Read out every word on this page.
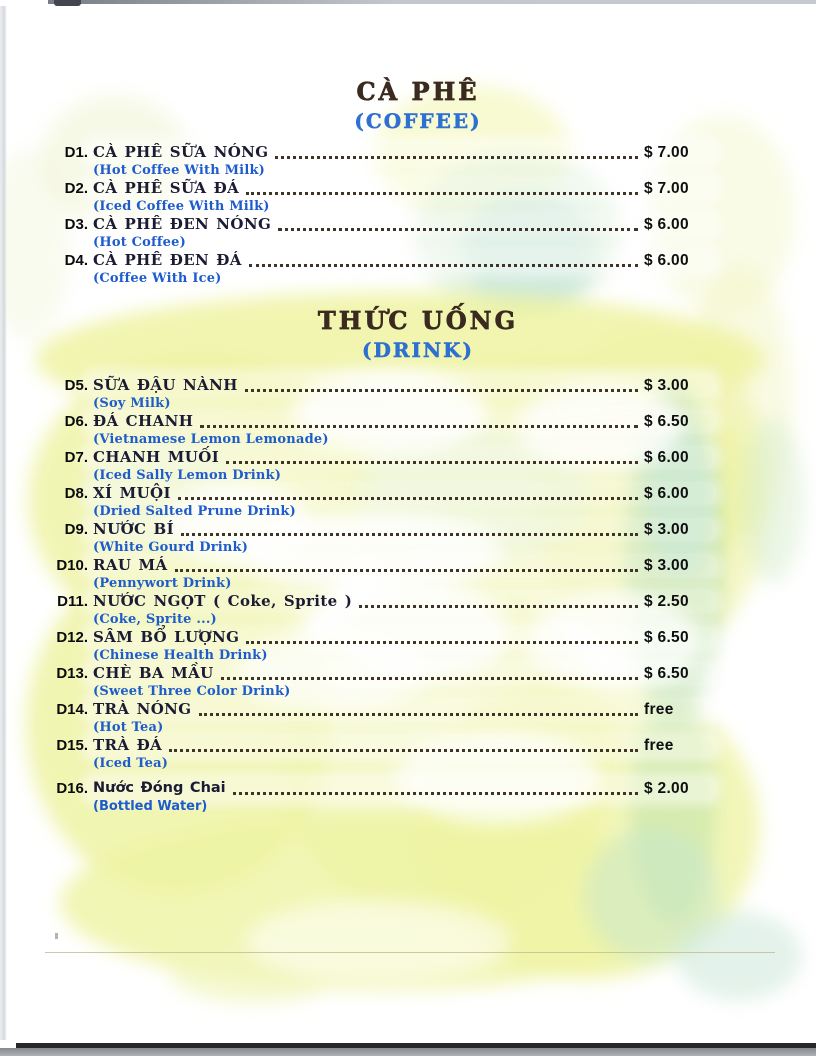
CÀ PHÊ
(COFFEE)
D1. CÀ PHÊ SỮA NÓNG	$ 7.00
(Hot Coffee With Milk)
D2. CÀ PHÊ SỮA ĐÁ	$ 7.00
(Iced Coffee With Milk)
D3. CÀ PHÊ ĐEN NÓNG	$ 6.00
(Hot Coffee)
D4. CÀ PHÊ ĐEN ĐÁ	$ 6.00
(Coffee With Ice)
THỨC UỐNG
(DRINK)
D5. SỮA ĐẬU NÀNH	$ 3.00
(Soy Milk)
D6. ĐÁ CHANH	$ 6.50
(Vietnamese Lemon Lemonade)
D7. CHANH MUỐI	$ 6.00
(Iced Sally Lemon Drink)
D8. XÍ MUỘI	$ 6.00
(Dried Salted Prune Drink)
D9. NƯỚC BÍ	$ 3.00
(White Gourd Drink)
D10. RAU MÁ	$ 3.00
(Pennywort Drink)
D11. NƯỚC NGỌT ( Coke, Sprite )	$ 2.50
(Coke, Sprite ...)
D12. SÂM BỔ LƯỢNG	$ 6.50
(Chinese Health Drink)
D13. CHÈ BA MẦU	$ 6.50
(Sweet Three Color Drink)
D14. TRÀ NÓNG	free
(Hot Tea)
D15. TRÀ ĐÁ	free
(Iced Tea)
D16. Nước Đóng Chai	$ 2.00
(Bottled Water)
